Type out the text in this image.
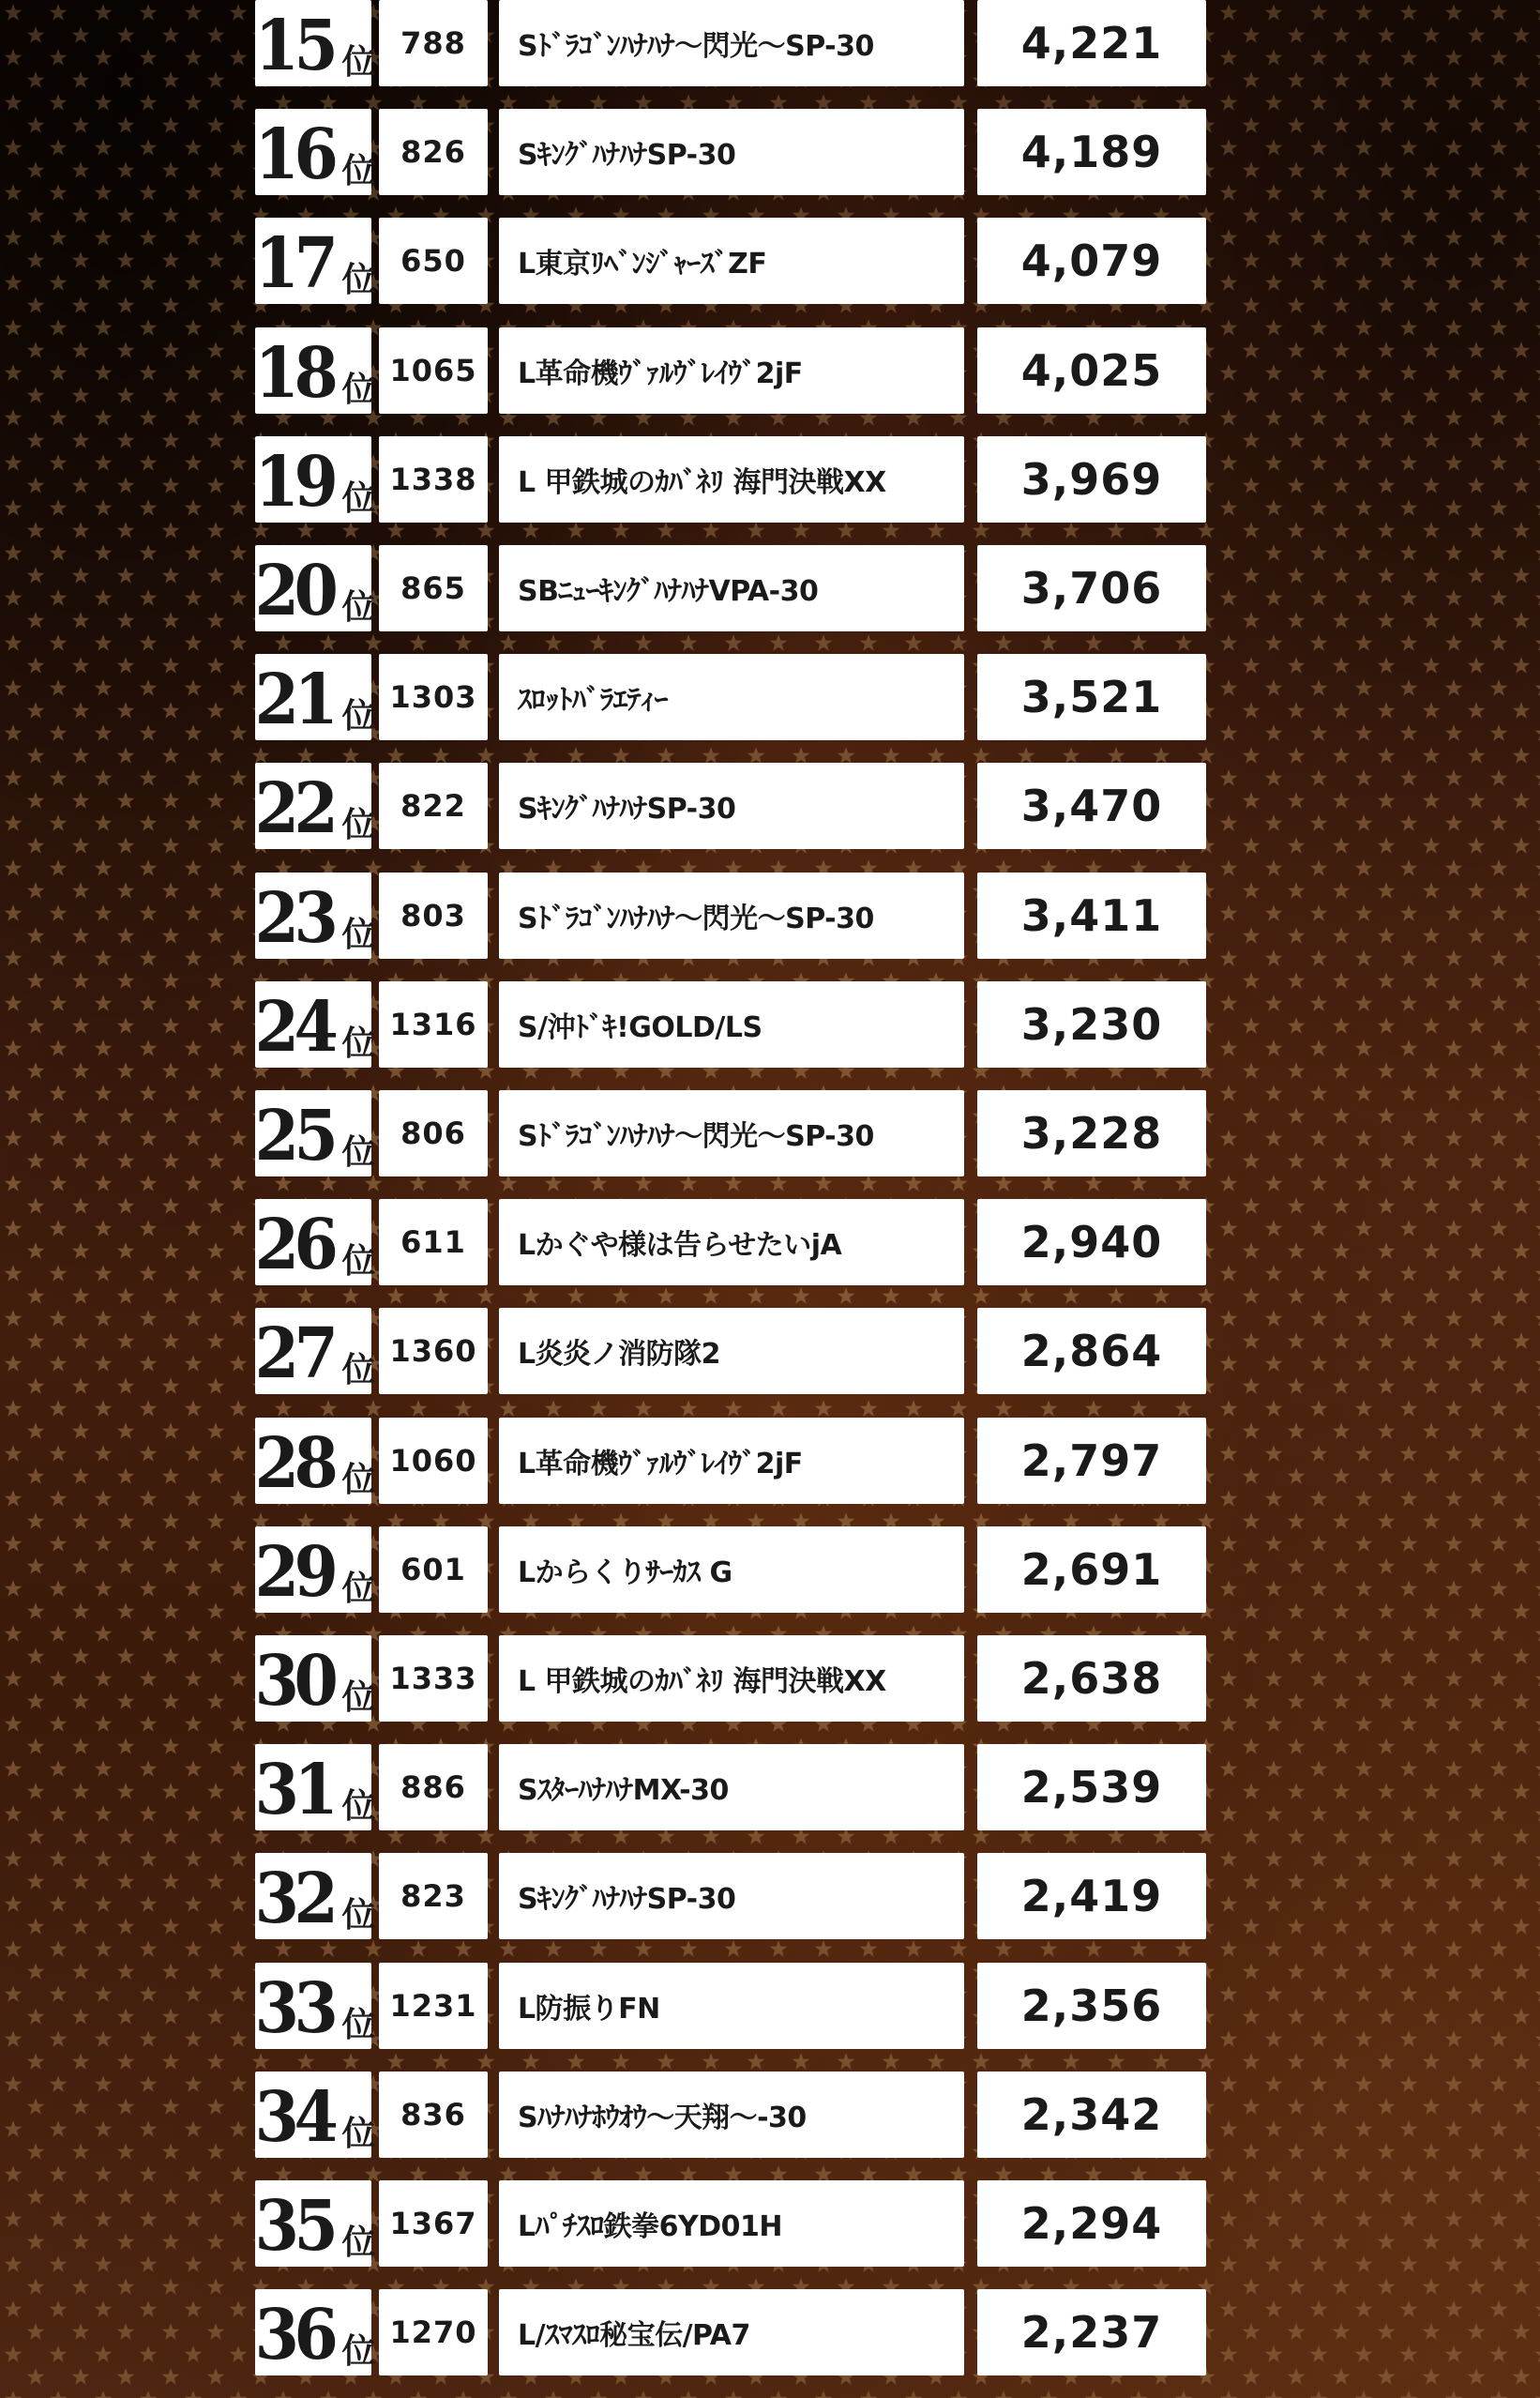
15 位 788	Sﾄﾞﾗｺﾞﾝﾊﾅﾊﾅ～閃光～SP-30	4,221
16 位 826	SｷﾝｸﾞﾊﾅﾊﾅSP-30	4,189
17 位 650	L東京ﾘﾍﾞﾝｼﾞｬｰｽﾞZF	4,079
18 位 1065	L革命機ｳﾞｧﾙｳﾞﾚｲｳﾞ2jF	4,025
19 位 1338	L 甲鉄城のｶﾊﾞﾈﾘ 海門決戦XX	3,969
20 位 865	SBﾆｭｰｷﾝｸﾞﾊﾅﾊﾅVPA-30	3,706
21 位 1303	ｽﾛｯﾄﾊﾞﾗｴﾃｨｰ	3,521
22 位 822	SｷﾝｸﾞﾊﾅﾊﾅSP-30	3,470
23 位 803	Sﾄﾞﾗｺﾞﾝﾊﾅﾊﾅ～閃光～SP-30	3,411
24 位 1316	S/沖ﾄﾞｷ!GOLD/LS	3,230
25 位 806	Sﾄﾞﾗｺﾞﾝﾊﾅﾊﾅ～閃光～SP-30	3,228
26 位 611	Lかぐや様は告らせたいjA	2,940
27 位 1360	L炎炎ノ消防隊2	2,864
28 位 1060	L革命機ｳﾞｧﾙｳﾞﾚｲｳﾞ2jF	2,797
29 位 601	Lからくりｻｰｶｽ G	2,691
30 位 1333	L 甲鉄城のｶﾊﾞﾈﾘ 海門決戦XX	2,638
31 位 886	SｽﾀｰﾊﾅﾊﾅMX-30	2,539
32 位 823	SｷﾝｸﾞﾊﾅﾊﾅSP-30	2,419
33 位 1231	L防振りFN	2,356
34 位 836	Sﾊﾅﾊﾅﾎｳｵｳ～天翔～-30	2,342
35 位 1367	Lﾊﾟﾁｽﾛ鉄拳6YD01H	2,294
36 位 1270	L/ｽﾏｽﾛ秘宝伝/PA7	2,237
